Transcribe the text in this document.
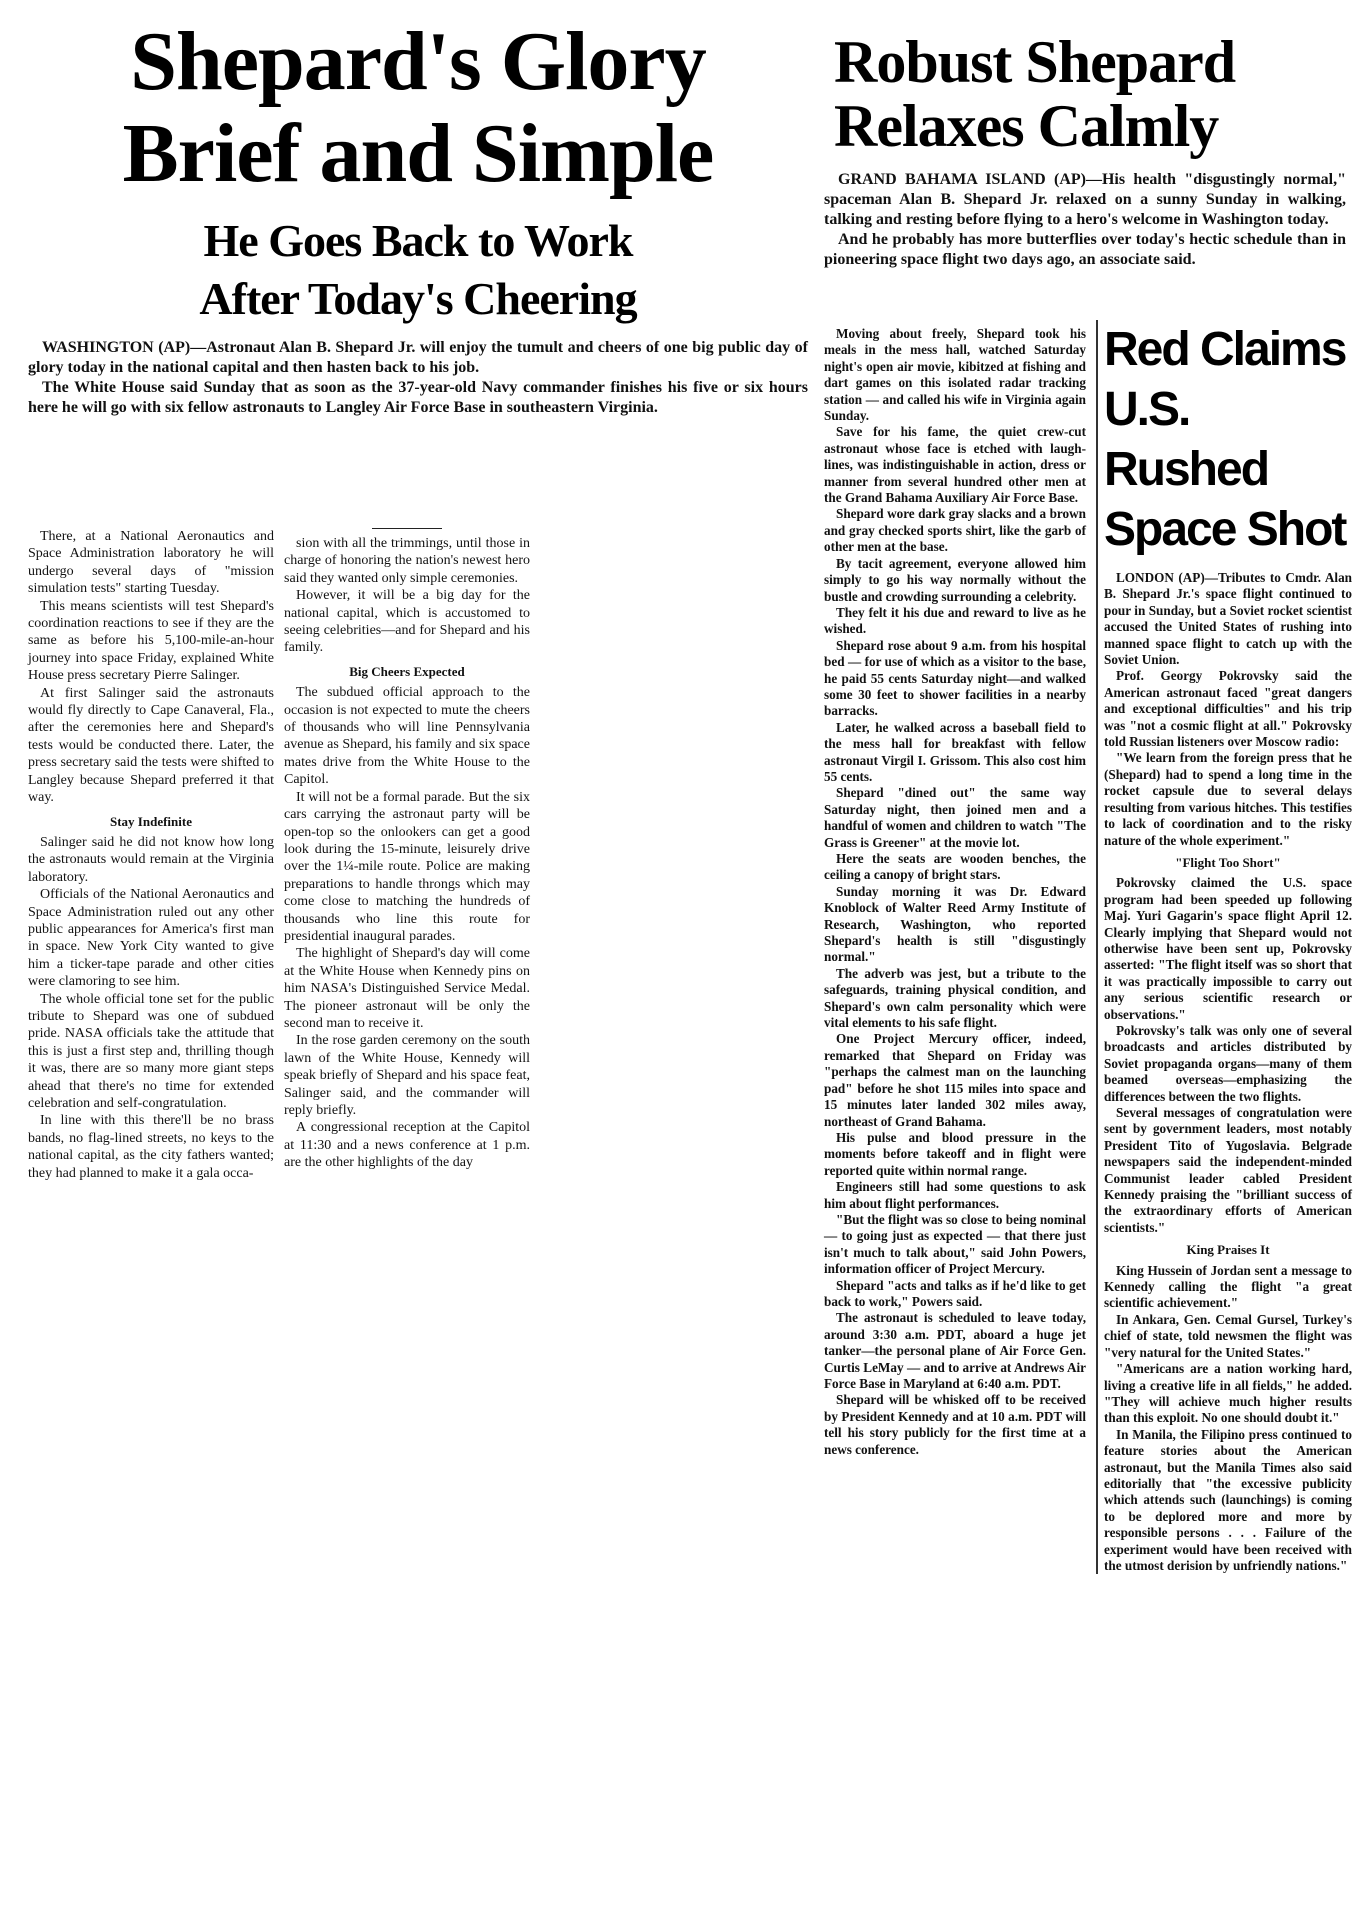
Shepard's Glory
Brief and Simple
He Goes Back to Work
After Today's Cheering

WASHINGTON (AP)—Astronaut Alan B. Shepard Jr. will enjoy the tumult and cheers of one big public day of glory today in the national capital and then hasten back to his job.

The White House said Sunday that as soon as the 37-year-old Navy commander finishes his five or six hours here he will go with six fellow astronauts to Langley Air Force Base in southeastern Virginia.

There, at a National Aeronautics and Space Administration laboratory he will undergo several days of "mission simulation tests" starting Tuesday.

This means scientists will test Shepard's coordination reactions to see if they are the same as before his 5,100-mile-an-hour journey into space Friday, explained White House press secretary Pierre Salinger.

At first Salinger said the astronauts would fly directly to Cape Canaveral, Fla., after the ceremonies here and Shepard's tests would be conducted there. Later, the press secretary said the tests were shifted to Langley because Shepard preferred it that way.

Stay Indefinite

Salinger said he did not know how long the astronauts would remain at the Virginia laboratory.

Officials of the National Aeronautics and Space Administration ruled out any other public appearances for America's first man in space. New York City wanted to give him a ticker-tape parade and other cities were clamoring to see him.

The whole official tone set for the public tribute to Shepard was one of subdued pride. NASA officials take the attitude that this is just a first step and, thrilling though it was, there are so many more giant steps ahead that there's no time for extended celebration and self-congratulation.

In line with this there'll be no brass bands, no flag-lined streets, no keys to the national capital, as the city fathers wanted; they had planned to make it a gala occa-

sion with all the trimmings, until those in charge of honoring the nation's newest hero said they wanted only simple ceremonies.

However, it will be a big day for the national capital, which is accustomed to seeing celebrities—and for Shepard and his family.

Big Cheers Expected

The subdued official approach to the occasion is not expected to mute the cheers of thousands who will line Pennsylvania avenue as Shepard, his family and six space mates drive from the White House to the Capitol.

It will not be a formal parade. But the six cars carrying the astronaut party will be open-top so the onlookers can get a good look during the 15-minute, leisurely drive over the 1¼-mile route. Police are making preparations to handle throngs which may come close to matching the hundreds of thousands who line this route for presidential inaugural parades.

The highlight of Shepard's day will come at the White House when Kennedy pins on him NASA's Distinguished Service Medal. The pioneer astronaut will be only the second man to receive it.

In the rose garden ceremony on the south lawn of the White House, Kennedy will speak briefly of Shepard and his space feat, Salinger said, and the commander will reply briefly.

A congressional reception at the Capitol at 11:30 and a news conference at 1 p.m. are the other highlights of the day

Robust Shepard
Relaxes Calmly

GRAND BAHAMA ISLAND (AP)—His health "disgustingly normal," spaceman Alan B. Shepard Jr. relaxed on a sunny Sunday in walking, talking and resting before flying to a hero's welcome in Washington today.

And he probably has more butterflies over today's hectic schedule than in pioneering space flight two days ago, an associate said.

Moving about freely, Shepard took his meals in the mess hall, watched Saturday night's open air movie, kibitzed at fishing and dart games on this isolated radar tracking station — and called his wife in Virginia again Sunday.

Save for his fame, the quiet crew-cut astronaut whose face is etched with laugh-lines, was indistinguishable in action, dress or manner from several hundred other men at the Grand Bahama Auxiliary Air Force Base.

Shepard wore dark gray slacks and a brown and gray checked sports shirt, like the garb of other men at the base.

By tacit agreement, everyone allowed him simply to go his way normally without the bustle and crowding surrounding a celebrity.

They felt it his due and reward to live as he wished.

Shepard rose about 9 a.m. from his hospital bed — for use of which as a visitor to the base, he paid 55 cents Saturday night—and walked some 30 feet to shower facilities in a nearby barracks.

Later, he walked across a baseball field to the mess hall for breakfast with fellow astronaut Virgil I. Grissom. This also cost him 55 cents.

Shepard "dined out" the same way Saturday night, then joined men and a handful of women and children to watch "The Grass is Greener" at the movie lot.

Here the seats are wooden benches, the ceiling a canopy of bright stars.

Sunday morning it was Dr. Edward Knoblock of Walter Reed Army Institute of Research, Washington, who reported Shepard's health is still "disgustingly normal."

The adverb was jest, but a tribute to the safeguards, training physical condition, and Shepard's own calm personality which were vital elements to his safe flight.

One Project Mercury officer, indeed, remarked that Shepard on Friday was "perhaps the calmest man on the launching pad" before he shot 115 miles into space and 15 minutes later landed 302 miles away, northeast of Grand Bahama.

His pulse and blood pressure in the moments before takeoff and in flight were reported quite within normal range.

Engineers still had some questions to ask him about flight performances.

"But the flight was so close to being nominal — to going just as expected — that there just isn't much to talk about," said John Powers, information officer of Project Mercury.

Shepard "acts and talks as if he'd like to get back to work," Powers said.

The astronaut is scheduled to leave today, around 3:30 a.m. PDT, aboard a huge jet tanker—the personal plane of Air Force Gen. Curtis LeMay — and to arrive at Andrews Air Force Base in Maryland at 6:40 a.m. PDT.

Shepard will be whisked off to be received by President Kennedy and at 10 a.m. PDT will tell his story publicly for the first time at a news conference.

Red Claims
U.S. Rushed
Space Shot

LONDON (AP)—Tributes to Cmdr. Alan B. Shepard Jr.'s space flight continued to pour in Sunday, but a Soviet rocket scientist accused the United States of rushing into manned space flight to catch up with the Soviet Union.

Prof. Georgy Pokrovsky said the American astronaut faced "great dangers and exceptional difficulties" and his trip was "not a cosmic flight at all." Pokrovsky told Russian listeners over Moscow radio:

"We learn from the foreign press that he (Shepard) had to spend a long time in the rocket capsule due to several delays resulting from various hitches. This testifies to lack of coordination and to the risky nature of the whole experiment."

"Flight Too Short"

Pokrovsky claimed the U.S. space program had been speeded up following Maj. Yuri Gagarin's space flight April 12. Clearly implying that Shepard would not otherwise have been sent up, Pokrovsky asserted: "The flight itself was so short that it was practically impossible to carry out any serious scientific research or observations."

Pokrovsky's talk was only one of several broadcasts and articles distributed by Soviet propaganda organs—many of them beamed overseas—emphasizing the differences between the two flights.

Several messages of congratulation were sent by government leaders, most notably President Tito of Yugoslavia. Belgrade newspapers said the independent-minded Communist leader cabled President Kennedy praising the "brilliant success of the extraordinary efforts of American scientists."

King Praises It

King Hussein of Jordan sent a message to Kennedy calling the flight "a great scientific achievement."

In Ankara, Gen. Cemal Gursel, Turkey's chief of state, told newsmen the flight was "very natural for the United States."

"Americans are a nation working hard, living a creative life in all fields," he added. "They will achieve much higher results than this exploit. No one should doubt it."

In Manila, the Filipino press continued to feature stories about the American astronaut, but the Manila Times also said editorially that "the excessive publicity which attends such (launchings) is coming to be deplored more and more by responsible persons . . . Failure of the experiment would have been received with the utmost derision by unfriendly nations."
